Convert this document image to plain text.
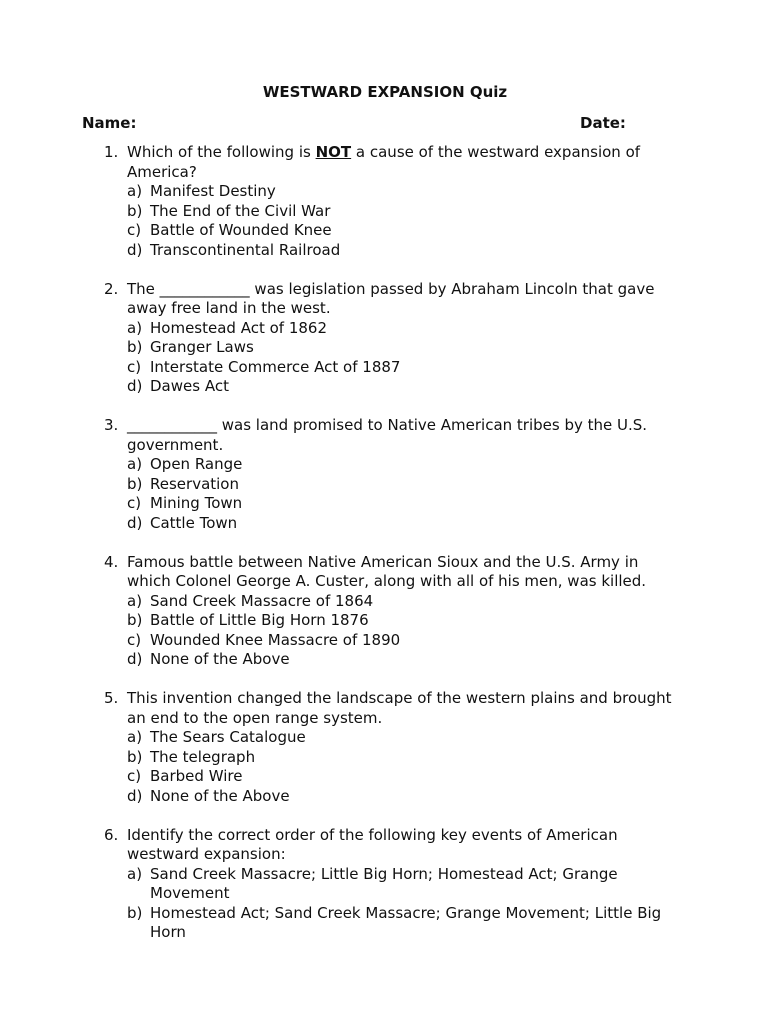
WESTWARD EXPANSION Quiz
Name:	Date:
1. Which of the following is NOT a cause of the westward expansion of America?
a) Manifest Destiny
b) The End of the Civil War
c) Battle of Wounded Knee
d) Transcontinental Railroad
2. The ____________ was legislation passed by Abraham Lincoln that gave away free land in the west.
a) Homestead Act of 1862
b) Granger Laws
c) Interstate Commerce Act of 1887
d) Dawes Act
3. ____________ was land promised to Native American tribes by the U.S. government.
a) Open Range
b) Reservation
c) Mining Town
d) Cattle Town
4. Famous battle between Native American Sioux and the U.S. Army in which Colonel George A. Custer, along with all of his men, was killed.
a) Sand Creek Massacre of 1864
b) Battle of Little Big Horn 1876
c) Wounded Knee Massacre of 1890
d) None of the Above
5. This invention changed the landscape of the western plains and brought an end to the open range system.
a) The Sears Catalogue
b) The telegraph
c) Barbed Wire
d) None of the Above
6. Identify the correct order of the following key events of American westward expansion:
a) Sand Creek Massacre; Little Big Horn; Homestead Act; Grange Movement
b) Homestead Act; Sand Creek Massacre; Grange Movement; Little Big Horn
